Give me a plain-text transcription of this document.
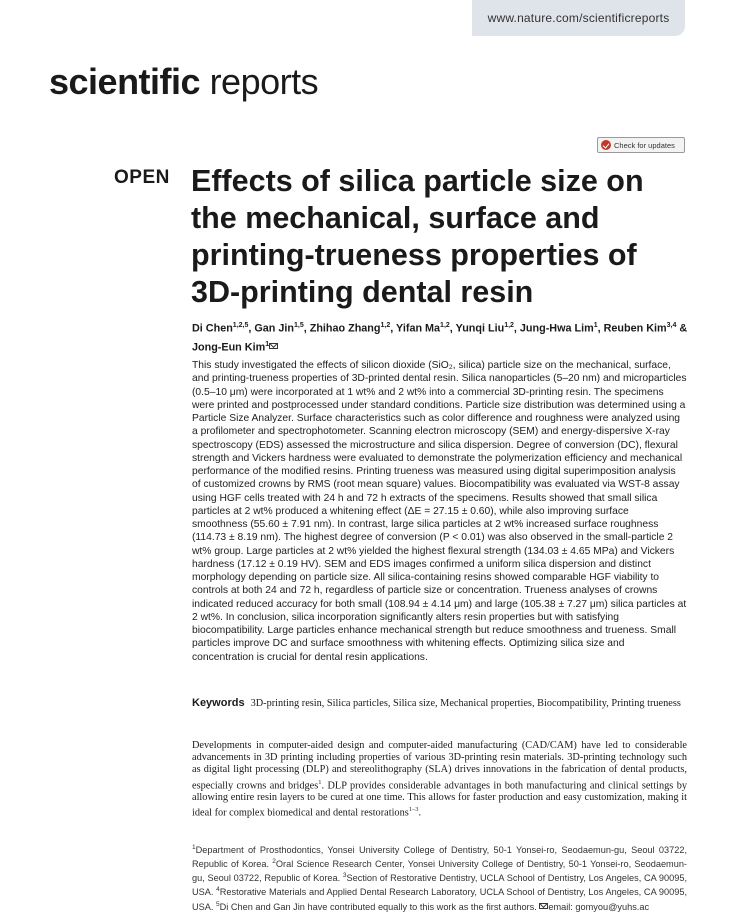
www.nature.com/scientificreports
scientific reports
Check for updates
OPEN Effects of silica particle size on the mechanical, surface and printing-trueness properties of 3D-printing dental resin

Di Chen$^{1,2,5}$, Gan Jin$^{1,5}$, Zhihao Zhang$^{1,2}$, Yifan Ma$^{1,2}$, Yunqi Liu$^{1,2}$, Jung-Hwa Lim$^1$, Reuben Kim$^{3,4}$ & Jong-Eun Kim$^1$

This study investigated the effects of silicon dioxide (SiO₂, silica) particle size on the mechanical, surface, and printing-trueness properties of 3D-printed dental resin. Silica nanoparticles (5–20 nm) and microparticles (0.5–10 μm) were incorporated at 1 wt% and 2 wt% into a commercial 3D-printing resin. The specimens were printed and postprocessed under standard conditions. Particle size distribution was determined using a Particle Size Analyzer. Surface characteristics such as color difference and roughness were analyzed using a profilometer and spectrophotometer. Scanning electron microscopy (SEM) and energy-dispersive X-ray spectroscopy (EDS) assessed the microstructure and silica dispersion. Degree of conversion (DC), flexural strength and Vickers hardness were evaluated to demonstrate the polymerization efficiency and mechanical performance of the modified resins. Printing trueness was measured using digital superimposition analysis of customized crowns by RMS (root mean square) values. Biocompatibility was evaluated via WST-8 assay using HGF cells treated with 24 h and 72 h extracts of the specimens. Results showed that small silica particles at 2 wt% produced a whitening effect (ΔE = 27.15 ± 0.60), while also improving surface smoothness (55.60 ± 7.91 nm). In contrast, large silica particles at 2 wt% increased surface roughness (114.73 ± 8.19 nm). The highest degree of conversion (P < 0.01) was also observed in the small-particle 2 wt% group. Large particles at 2 wt% yielded the highest flexural strength (134.03 ± 4.65 MPa) and Vickers hardness (17.12 ± 0.19 HV). SEM and EDS images confirmed a uniform silica dispersion and distinct morphology depending on particle size. All silica-containing resins showed comparable HGF viability to controls at both 24 and 72 h, regardless of particle size or concentration. Trueness analyses of crowns indicated reduced accuracy for both small (108.94 ± 4.14 μm) and large (105.38 ± 7.27 μm) silica particles at 2 wt%. In conclusion, silica incorporation significantly alters resin properties but with satisfying biocompatibility. Large particles enhance mechanical strength but reduce smoothness and trueness. Small particles improve DC and surface smoothness with whitening effects. Optimizing silica size and concentration is crucial for dental resin applications.

Keywords 3D-printing resin, Silica particles, Silica size, Mechanical properties, Biocompatibility, Printing trueness

Developments in computer-aided design and computer-aided manufacturing (CAD/CAM) have led to considerable advancements in 3D printing including properties of various 3D-printing resin materials. 3D-printing technology such as digital light processing (DLP) and stereolithography (SLA) drives innovations in the fabrication of dental products, especially crowns and bridges$^1$. DLP provides considerable advantages in both manufacturing and clinical settings by allowing entire resin layers to be cured at one time. This allows for faster production and easy customization, making it ideal for complex biomedical and dental restorations$^{1-3}$.

$^1$Department of Prosthodontics, Yonsei University College of Dentistry, 50-1 Yonsei-ro, Seodaemun-gu, Seoul 03722, Republic of Korea. $^2$Oral Science Research Center, Yonsei University College of Dentistry, 50-1 Yonsei-ro, Seodaemun-gu, Seoul 03722, Republic of Korea. $^3$Section of Restorative Dentistry, UCLA School of Dentistry, Los Angeles, CA 90095, USA. $^4$Restorative Materials and Applied Dental Research Laboratory, UCLA School of Dentistry, Los Angeles, CA 90095, USA. $^5$Di Chen and Gan Jin have contributed equally to this work as the first authors. email: gomyou@yuhs.ac
